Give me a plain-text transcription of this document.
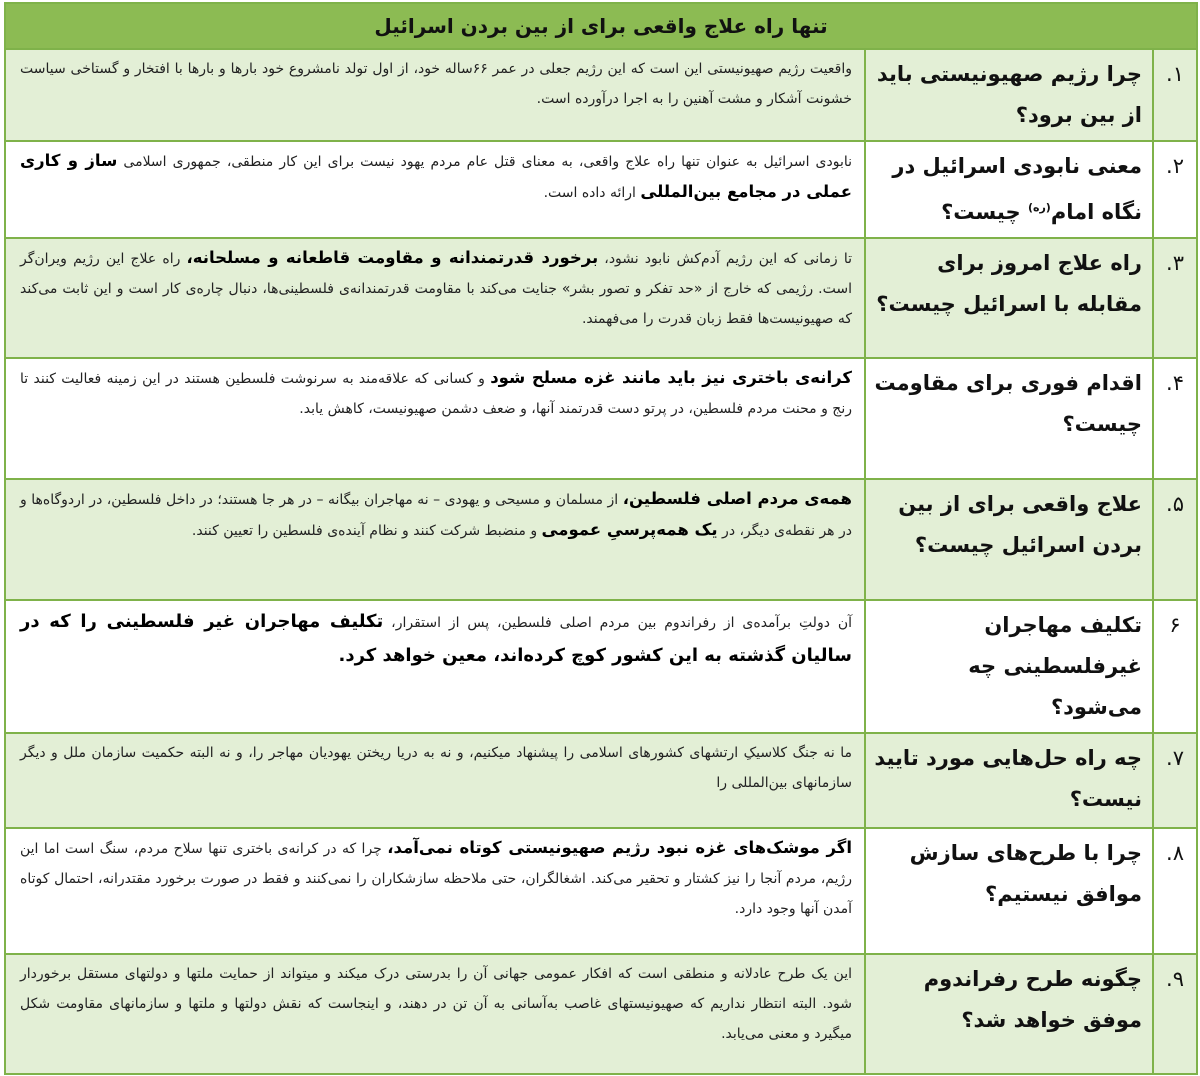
تنها راه علاج واقعی برای از بین بردن اسرائیل		
۱.	چرا رژیم صهیونیستی باید از بین برود؟	واقعیت رژیم صهیونیستی این است که این رژیم جعلی در عمر ۶۶ساله خود، از اول تولد نامشروع خود بارها و بارها با افتخار و گستاخی سیاست خشونت آشکار و مشت آهنین را به اجرا درآورده است.
۲.	معنی نابودی اسرائیل در نگاه امام$^{(ره)}$ چیست؟	نابودی اسرائیل به عنوان تنها راه علاج واقعی، به معنای قتل عام مردم یهود نیست برای این کار منطقی، جمهوری اسلامی ساز و کاری عملی در مجامع بین‌المللی ارائه داده است.
۳.	راه علاج امروز برای مقابله با اسرائیل چیست؟	تا زمانی که این رژیم آدم‌کش نابود نشود، برخورد قدرتمندانه و مقاومت قاطعانه و مسلحانه، راه علاج این رژیم ویران‌گر است. رژیمی که خارج از «حد تفکر و تصور بشر» جنایت می‌کند با مقاومت قدرتمندانه‌ی فلسطینی‌ها، دنبال چاره‌ی کار است و این ثابت می‌کند که صهیونیست‌ها فقط زبان قدرت را می‌فهمند.
۴.	اقدام فوری برای مقاومت چیست؟	کرانه‌ی باختری نیز باید مانند غزه مسلح شود و کسانی که علاقه‌مند به سرنوشت فلسطین هستند در این زمینه فعالیت کنند تا رنج و محنت مردم فلسطین، در پرتو دست قدرتمند آنها، و ضعف دشمن صهیونیست، کاهش یابد.
۵.	علاج واقعی برای از بین بردن اسرائیل چیست؟	همه‌ی مردم اصلی فلسطین، از مسلمان و مسیحی و یهودی – نه مهاجران بیگانه – در هر جا هستند؛ در داخل فلسطین، در اردوگاه‌ها و در هر نقطه‌ی دیگر، در یک همه‌پرسیِ عمومی و منضبط شرکت کنند و نظام آینده‌ی فلسطین را تعیین کنند.
۶	تکلیف مهاجران غیرفلسطینی چه می‌شود؟	آن دولتِ برآمده‌ی از رفراندوم بین مردم اصلی فلسطین، پس از استقرار، تکلیف مهاجران غیر فلسطینی را که در سالیان گذشته به این کشور کوچ کرده‌اند، معین خواهد کرد.
۷.	چه راه حل‌هایی مورد تایید نیست؟	ما نه جنگ کلاسیکِ ارتشهای کشورهای اسلامی را پیشنهاد میکنیم، و نه به دریا ریختن یهودیان مهاجر را، و نه البته حکمیت سازمان ملل و دیگر سازمانهای بین‌المللی را
۸.	چرا با طرح‌های سازش موافق نیستیم؟	اگر موشک‌های غزه نبود رژیم صهیونیستی کوتاه نمی‌آمد، چرا که در کرانه‌ی باختری تنها سلاح مردم، سنگ است اما این رژیم، مردم آنجا را نیز کشتار و تحقیر می‌کند. اشغالگران، حتی ملاحظه سازشکاران را نمی‌کنند و فقط در صورت برخورد مقتدرانه، احتمال کوتاه آمدن آنها وجود دارد.
۹.	چگونه طرح رفراندوم موفق خواهد شد؟	این یک طرح عادلانه و منطقی است که افکار عمومی جهانی آن را بدرستی درک میکند و میتواند از حمایت ملتها و دولتهای مستقل برخوردار شود. البته انتظار نداریم که صهیونیستهای غاصب به‌آسانی به آن تن در دهند، و اینجاست که نقش دولتها و ملتها و سازمانهای مقاومت شکل میگیرد و معنی می‌یابد.
